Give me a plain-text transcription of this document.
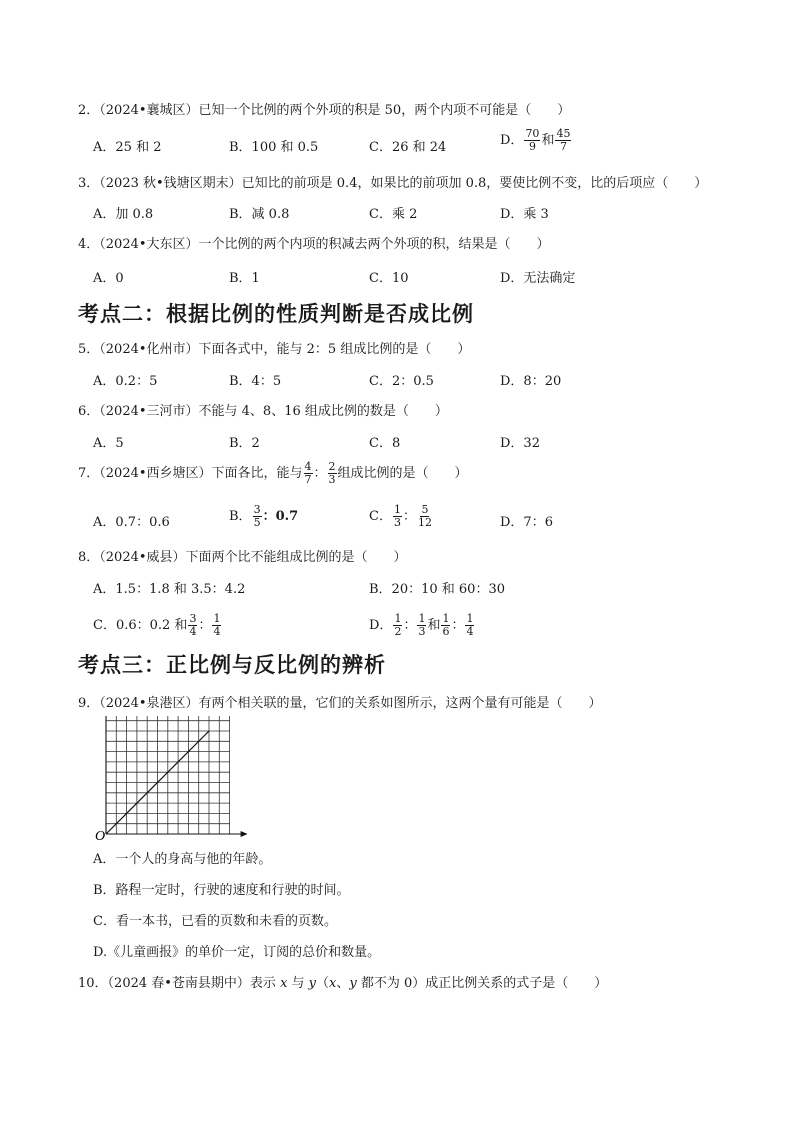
2．（2024•襄城区）已知一个比例的两个外项的积是 50，两个内项不可能是（　　）
A．25 和 2	B．100 和 0.5	C．26 和 24	D． $\frac{70}{9}$ 和 $\frac{45}{7}$
3．（2023 秋•钱塘区期末）已知比的前项是 0.4，如果比的前项加 0.8，要使比例不变，比的后项应（　　）
A．加 0.8	B．减 0.8	C．乘 2	D．乘 3
4．（2024•大东区）一个比例的两个内项的积减去两个外项的积，结果是（　　）
A．0	B．1	C．10	D．无法确定
考点二：根据比例的性质判断是否成比例
5．（2024•化州市）下面各式中，能与 2：5 组成比例的是（　　）
A．0.2：5	B．4：5	C．2：0.5	D．8：20
6．（2024•三河市）不能与 4、8、16 组成比例的数是（　　）
A．5	B．2	C．8	D．32
7．（2024•西乡塘区）下面各比，能与 $\frac{4}{7}$ ： $\frac{2}{3}$ 组成比例的是（　　）
A．0.7：0.6	B． $\frac{3}{5}$ ：0.7	C． $\frac{1}{3}$ ： $\frac{5}{12}$	D．7：6
8．（2024•威县）下面两个比不能组成比例的是（　　）
A．1.5：1.8 和 3.5：4.2	B．20：10 和 60：30
C．0.6：0.2 和 $\frac{3}{4}$ ： $\frac{1}{4}$	D． $\frac{1}{2}$ ： $\frac{1}{3}$ 和 $\frac{1}{6}$ ： $\frac{1}{4}$
考点三：正比例与反比例的辨析
9．（2024•泉港区）有两个相关联的量，它们的关系如图所示，这两个量有可能是（　　）
O
A．一个人的身高与他的年龄。
B．路程一定时，行驶的速度和行驶的时间。
C．看一本书，已看的页数和未看的页数。
D.《儿童画报》的单价一定，订阅的总价和数量。
10．（2024 春•苍南县期中）表示 x 与 y（x、y 都不为 0）成正比例关系的式子是（　　）
